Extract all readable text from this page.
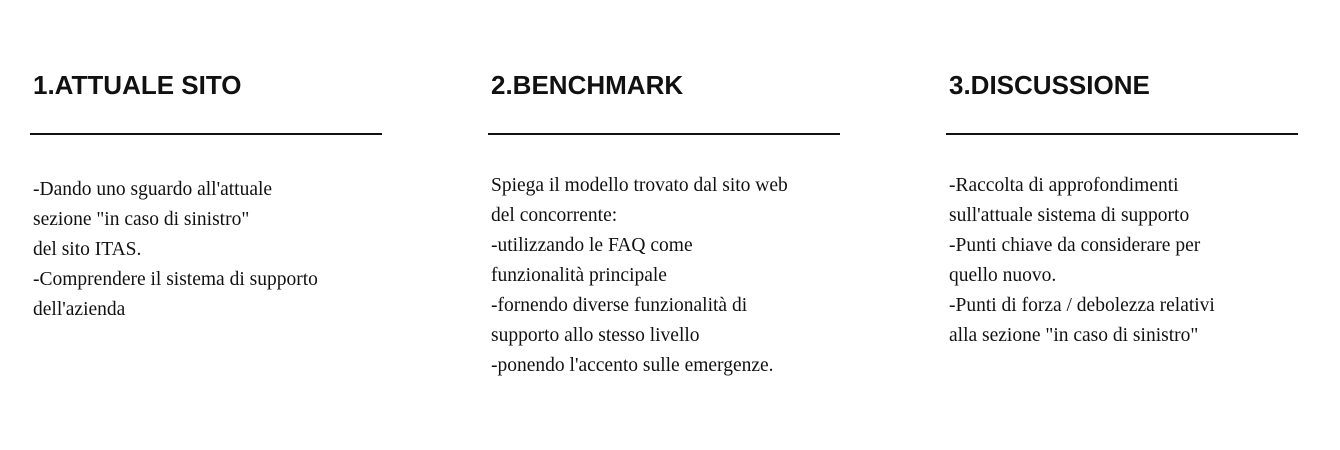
1.ATTUALE SITO
-Dando uno sguardo all'attuale
sezione "in caso di sinistro"
del sito ITAS.
-Comprendere il sistema di supporto
dell'azienda
2.BENCHMARK
Spiega il modello trovato dal sito web
del concorrente:
-utilizzando le FAQ come
funzionalità principale
-fornendo diverse funzionalità di
supporto allo stesso livello
-ponendo l'accento sulle emergenze.
3.DISCUSSIONE
-Raccolta di approfondimenti
sull'attuale sistema di supporto
-Punti chiave da considerare per
quello nuovo.
-Punti di forza / debolezza relativi
alla sezione "in caso di sinistro"
